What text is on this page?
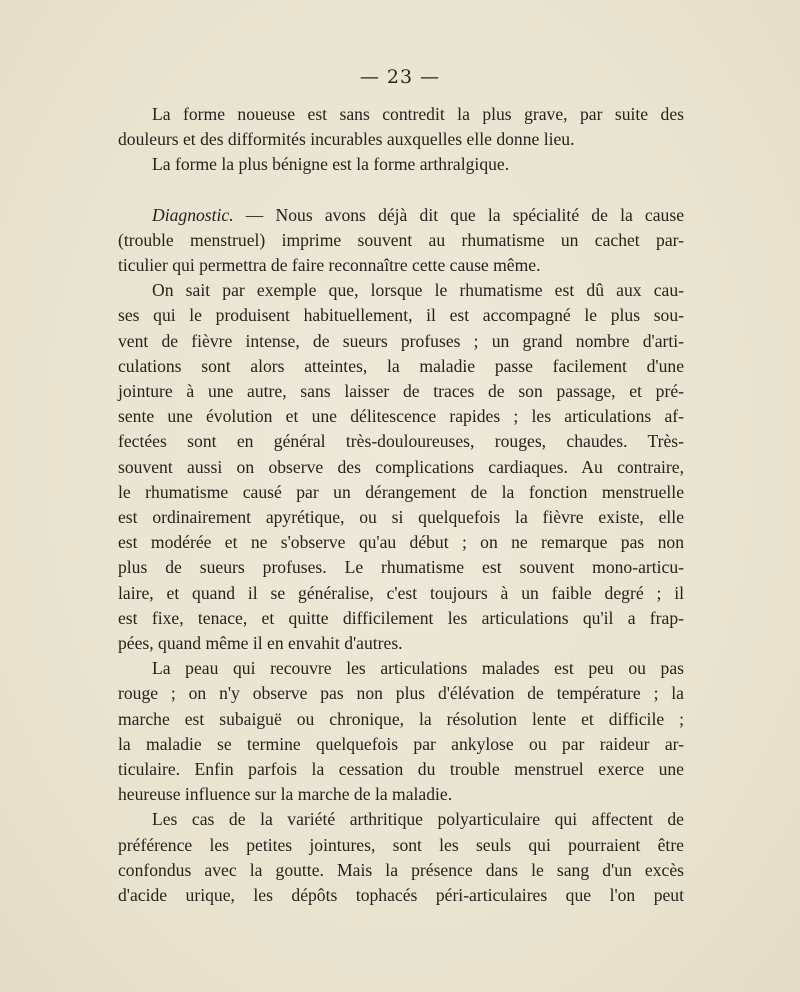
— 23 —

La forme noueuse est sans contredit la plus grave, par suite des

douleurs et des difformités incurables auxquelles elle donne lieu.

La forme la plus bénigne est la forme arthralgique.

Diagnostic. — Nous avons déjà dit que la spécialité de la cause

(trouble menstruel) imprime souvent au rhumatisme un cachet par-

ticulier qui permettra de faire reconnaître cette cause même.

On sait par exemple que, lorsque le rhumatisme est dû aux cau-

ses qui le produisent habituellement, il est accompagné le plus sou-

vent de fièvre intense, de sueurs profuses ; un grand nombre d'arti-

culations sont alors atteintes, la maladie passe facilement d'une

jointure à une autre, sans laisser de traces de son passage, et pré-

sente une évolution et une délitescence rapides ; les articulations af-

fectées sont en général très-douloureuses, rouges, chaudes. Très-

souvent aussi on observe des complications cardiaques. Au contraire,

le rhumatisme causé par un dérangement de la fonction menstruelle

est ordinairement apyrétique, ou si quelquefois la fièvre existe, elle

est modérée et ne s'observe qu'au début ; on ne remarque pas non

plus de sueurs profuses. Le rhumatisme est souvent mono-articu-

laire, et quand il se généralise, c'est toujours à un faible degré ; il

est fixe, tenace, et quitte difficilement les articulations qu'il a frap-

pées, quand même il en envahit d'autres.

La peau qui recouvre les articulations malades est peu ou pas

rouge ; on n'y observe pas non plus d'élévation de température ; la

marche est subaiguë ou chronique, la résolution lente et difficile ;

la maladie se termine quelquefois par ankylose ou par raideur ar-

ticulaire. Enfin parfois la cessation du trouble menstruel exerce une

heureuse influence sur la marche de la maladie.

Les cas de la variété arthritique polyarticulaire qui affectent de

préférence les petites jointures, sont les seuls qui pourraient être

confondus avec la goutte. Mais la présence dans le sang d'un excès

d'acide urique, les dépôts tophacés péri-articulaires que l'on peut
